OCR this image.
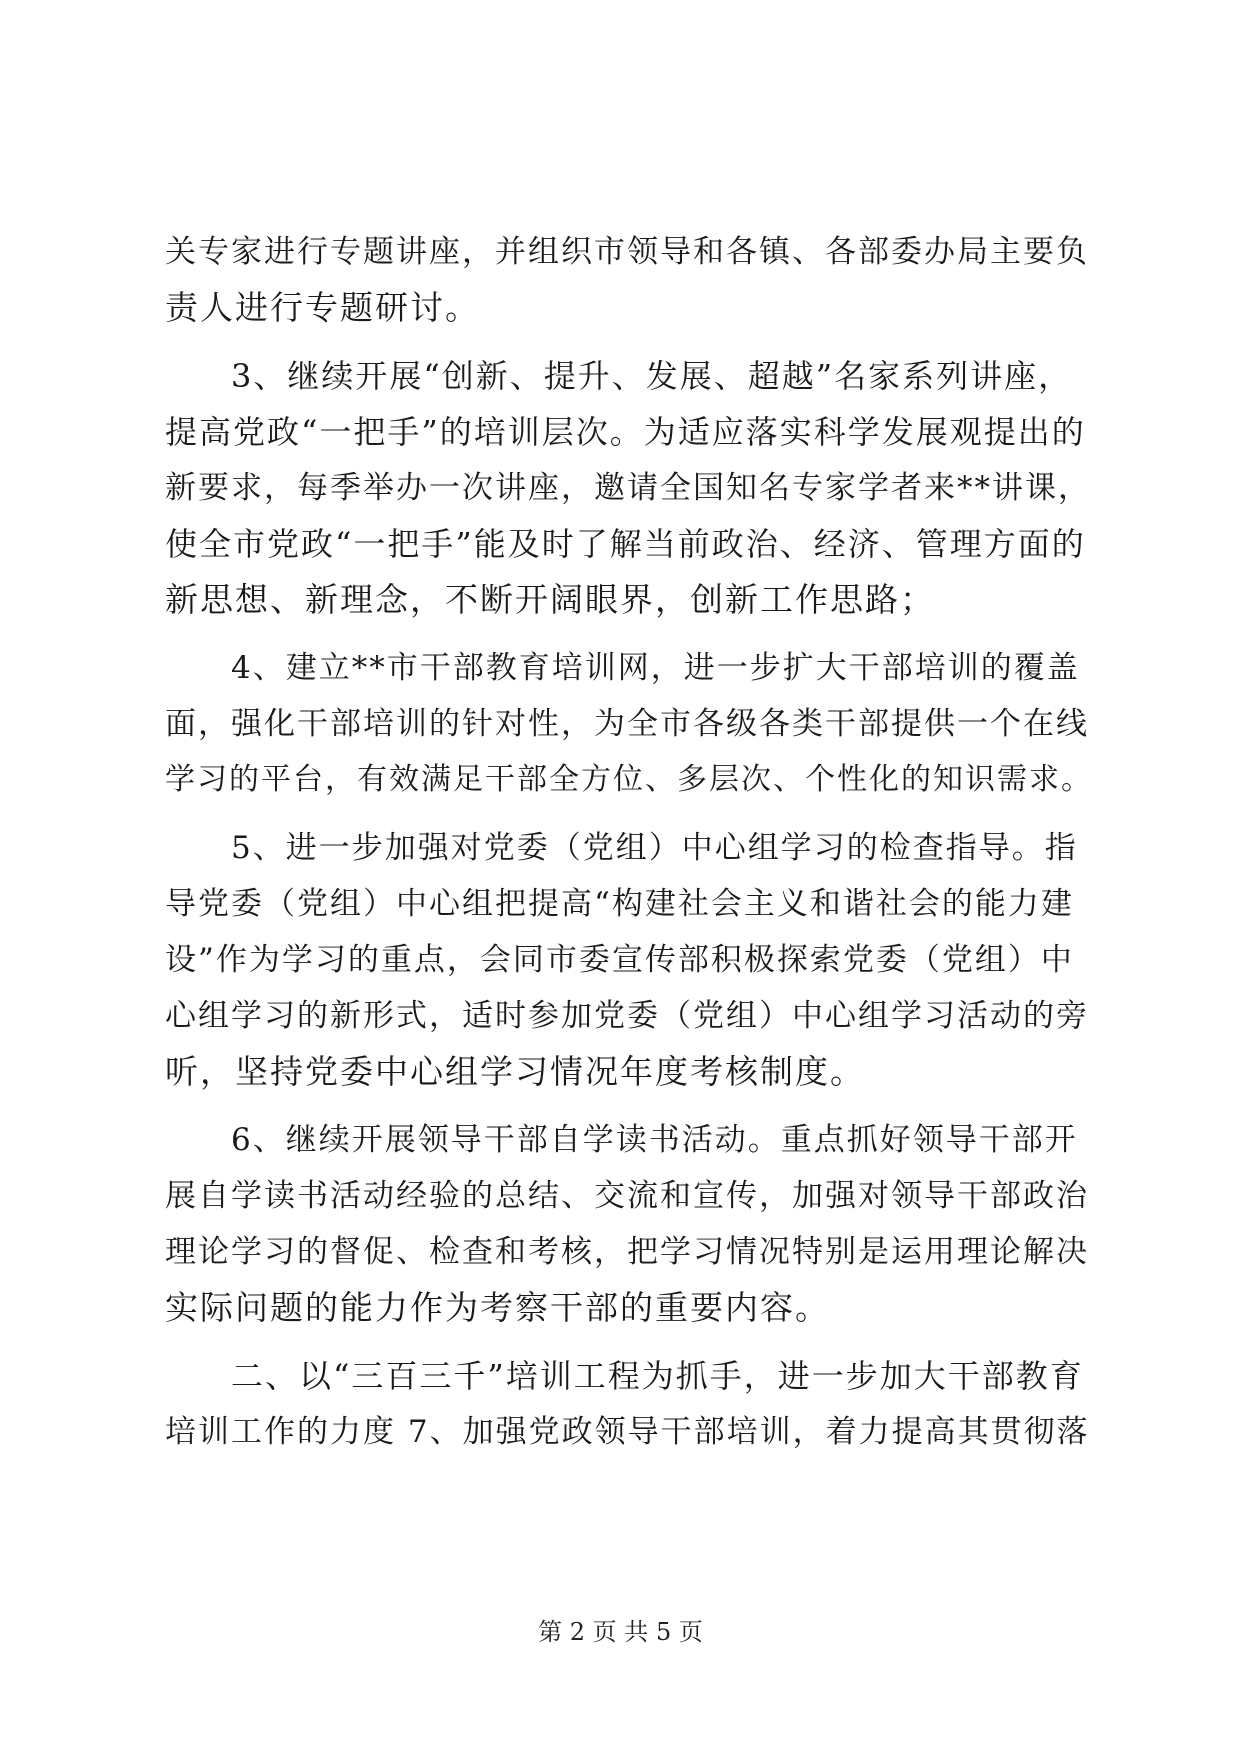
关专家进行专题讲座，并组织市领导和各镇、各部委办局主要负
责人进行专题研讨。
3、继续开展“创新、提升、发展、超越”名家系列讲座，
提高党政“一把手”的培训层次。为适应落实科学发展观提出的
新要求，每季举办一次讲座，邀请全国知名专家学者来**讲课，
使全市党政“一把手”能及时了解当前政治、经济、管理方面的
新思想、新理念，不断开阔眼界，创新工作思路；
4、建立**市干部教育培训网，进一步扩大干部培训的覆盖
面，强化干部培训的针对性，为全市各级各类干部提供一个在线
学习的平台，有效满足干部全方位、多层次、个性化的知识需求。
5、进一步加强对党委（党组）中心组学习的检查指导。指
导党委（党组）中心组把提高“构建社会主义和谐社会的能力建
设”作为学习的重点，会同市委宣传部积极探索党委（党组）中
心组学习的新形式，适时参加党委（党组）中心组学习活动的旁
听，坚持党委中心组学习情况年度考核制度。
6、继续开展领导干部自学读书活动。重点抓好领导干部开
展自学读书活动经验的总结、交流和宣传，加强对领导干部政治
理论学习的督促、检查和考核，把学习情况特别是运用理论解决
实际问题的能力作为考察干部的重要内容。
二、以“三百三千”培训工程为抓手，进一步加大干部教育
培训工作的力度 7、加强党政领导干部培训，着力提高其贯彻落
第 2 页 共 5 页
